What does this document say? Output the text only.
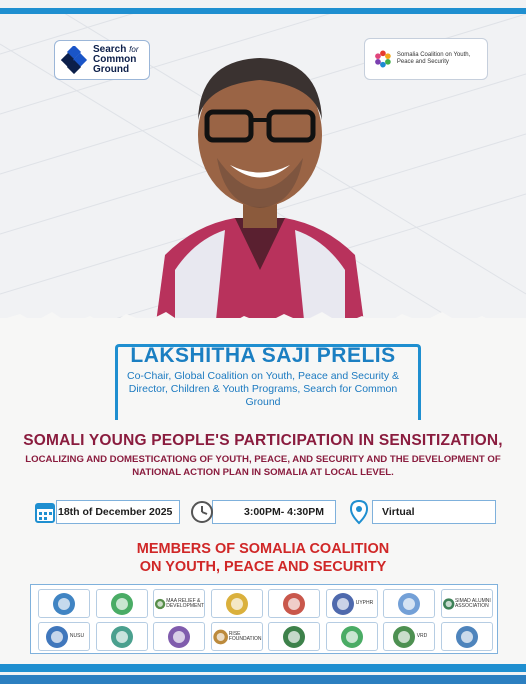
Search for
Common
Ground
Somalia Coalition on Youth, Peace and Security
LAKSHITHA SAJI PRELIS
Co-Chair, Global Coalition on Youth, Peace and Security & Director, Children & Youth Programs, Search for Common Ground
SOMALI YOUNG PEOPLE'S PARTICIPATION IN SENSITIZATION,
LOCALIZING AND DOMESTICATIONG OF YOUTH, PEACE, AND SECURITY AND THE DEVELOPMENT OF NATIONAL ACTION PLAN IN SOMALIA AT LOCAL LEVEL.
18th of December 2025	3:00PM- 4:30PM	Virtual
MEMBERS OF SOMALIA COALITION
ON YOUTH, PEACE AND SECURITY
MAA RELIEF & DEVELOPMENT	UYPHR	SIMAD ALUMNI ASSOCIATION
NUSU	RISE FOUNDATION	VRD
